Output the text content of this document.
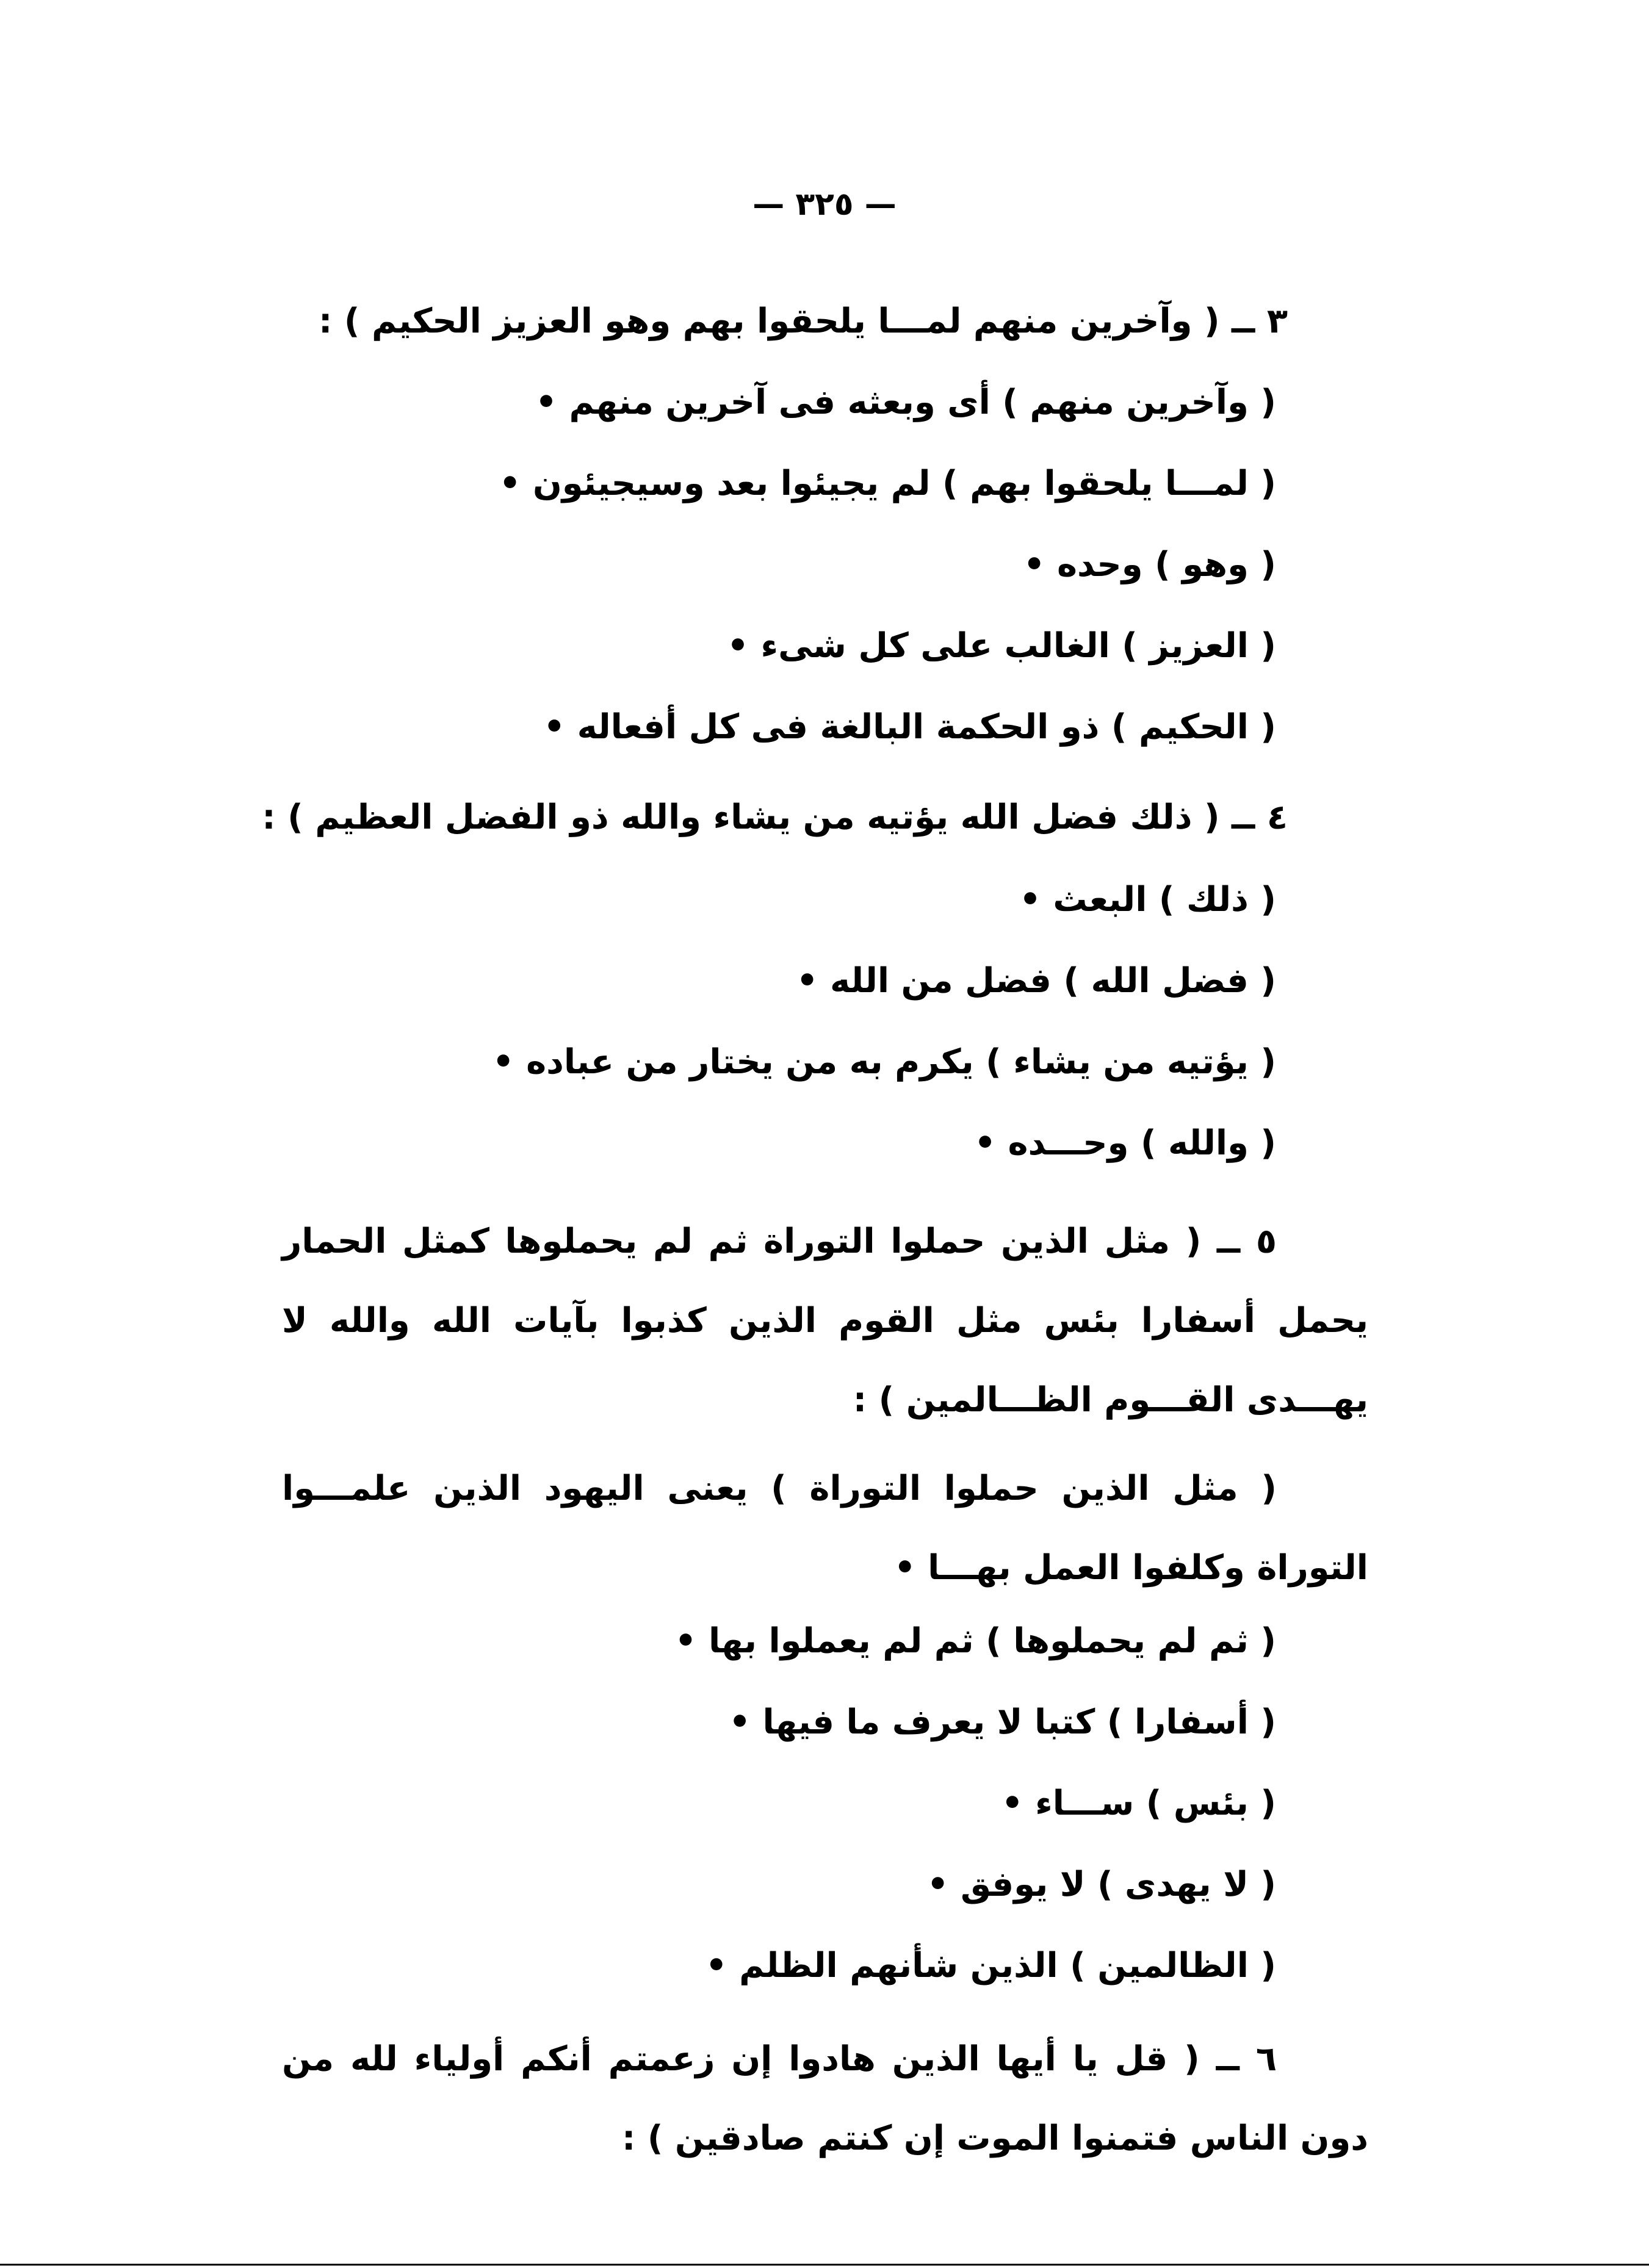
— ٣٢٥ —
٣ ــ ( وآخرين منهم لمـــا يلحقوا بهم وهو العزيز الحكيم ) :
( وآخرين منهم ) أى وبعثه فى آخرين منهم •
( لمـــا يلحقوا بهم ) لم يجيئوا بعد وسيجيئون •
( وهو ) وحده •
( العزيز ) الغالب على كل شىء •
( الحكيم ) ذو الحكمة البالغة فى كل أفعاله •
٤ ــ ( ذلك فضل الله يؤتيه من يشاء والله ذو الفضل العظيم ) :
( ذلك ) البعث •
( فضل الله ) فضل من الله •
( يؤتيه من يشاء ) يكرم به من يختار من عباده •
( والله ) وحـــده •
٥ ــ ( مثل الذين حملوا التوراة ثم لم يحملوها كمثل الحمار يحمل أسفارا بئس مثل القوم الذين كذبوا بآيات الله والله لا يهـــدى القـــوم الظـــالمين ) :
( مثل الذين حملوا التوراة ) يعنى اليهود الذين علمـــوا التوراة وكلفوا العمل بهـــا •
( ثم لم يحملوها ) ثم لم يعملوا بها •
( أسفارا ) كتبا لا يعرف ما فيها •
( بئس ) ســـاء •
( لا يهدى ) لا يوفق •
( الظالمين ) الذين شأنهم الظلم •
٦ ــ ( قل يا أيها الذين هادوا إن زعمتم أنكم أولياء لله من دون الناس فتمنوا الموت إن كنتم صادقين ) :
